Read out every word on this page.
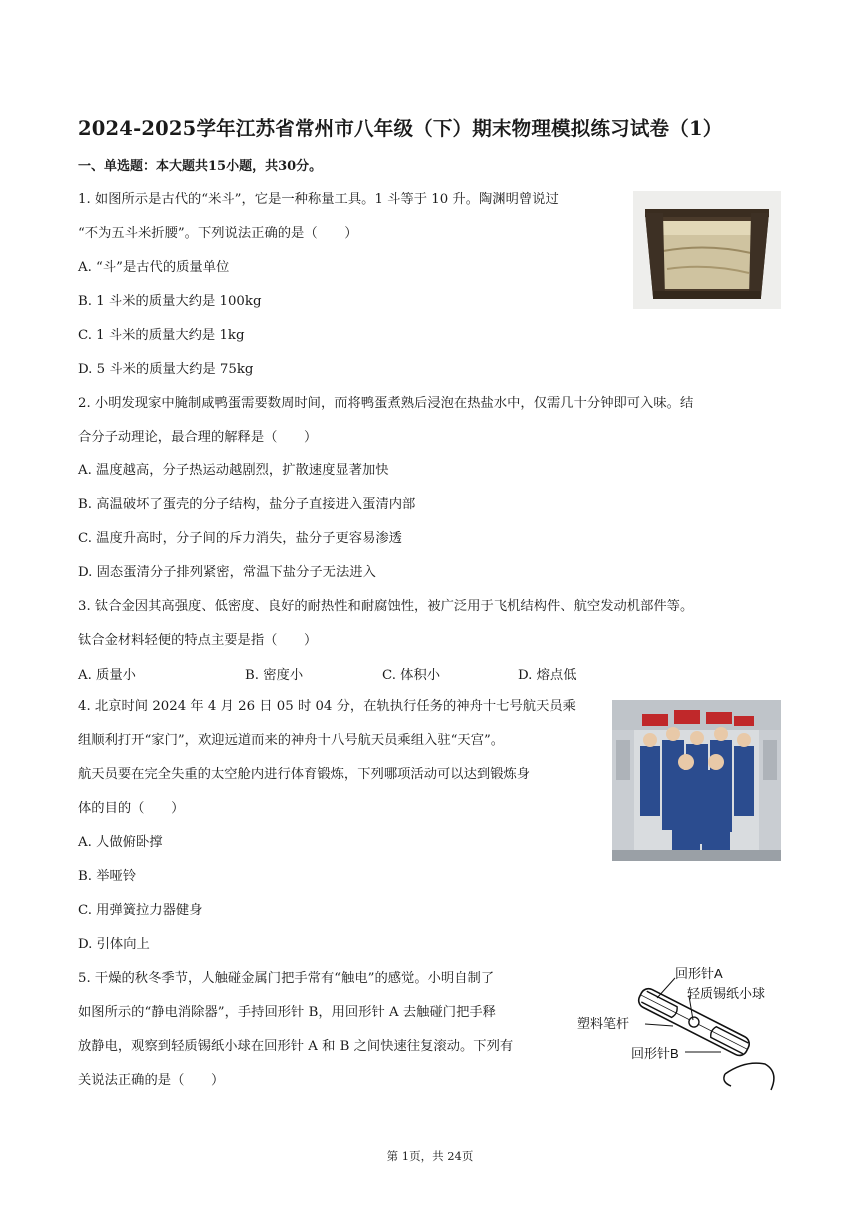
2024-2025学年江苏省常州市八年级（下）期末物理模拟练习试卷（1）
一、单选题：本大题共15小题，共30分。
1. 如图所示是古代的“米斗”，它是一种称量工具。1 斗等于 10 升。陶渊明曾说过
“不为五斗米折腰”。下列说法正确的是（　　）
A. “斗”是古代的质量单位
B. 1 斗米的质量大约是 100kg
C. 1 斗米的质量大约是 1kg
D. 5 斗米的质量大约是 75kg
2. 小明发现家中腌制咸鸭蛋需要数周时间，而将鸭蛋煮熟后浸泡在热盐水中，仅需几十分钟即可入味。结
合分子动理论，最合理的解释是（　　）
A. 温度越高，分子热运动越剧烈，扩散速度显著加快
B. 高温破坏了蛋壳的分子结构，盐分子直接进入蛋清内部
C. 温度升高时，分子间的斥力消失，盐分子更容易渗透
D. 固态蛋清分子排列紧密，常温下盐分子无法进入
3. 钛合金因其高强度、低密度、良好的耐热性和耐腐蚀性，被广泛用于飞机结构件、航空发动机部件等。
钛合金材料轻便的特点主要是指（　　）
A. 质量小	B. 密度小	C. 体积小	D. 熔点低
4. 北京时间 2024 年 4 月 26 日 05 时 04 分，在轨执行任务的神舟十七号航天员乘
组顺利打开“家门”，欢迎远道而来的神舟十八号航天员乘组入驻“天宫”。
航天员要在完全失重的太空舱内进行体育锻炼，下列哪项活动可以达到锻炼身
体的目的（　　）
A. 人做俯卧撑
B. 举哑铃
C. 用弹簧拉力器健身
D. 引体向上
5. 干燥的秋冬季节，人触碰金属门把手常有“触电”的感觉。小明自制了
如图所示的“静电消除器”，手持回形针 B，用回形针 A 去触碰门把手释
放静电，观察到轻质锡纸小球在回形针 A 和 B 之间快速往复滚动。下列有
关说法正确的是（　　）
回形针A
轻质锡纸小球
塑料笔杆
回形针B
第 1页，共 24页
